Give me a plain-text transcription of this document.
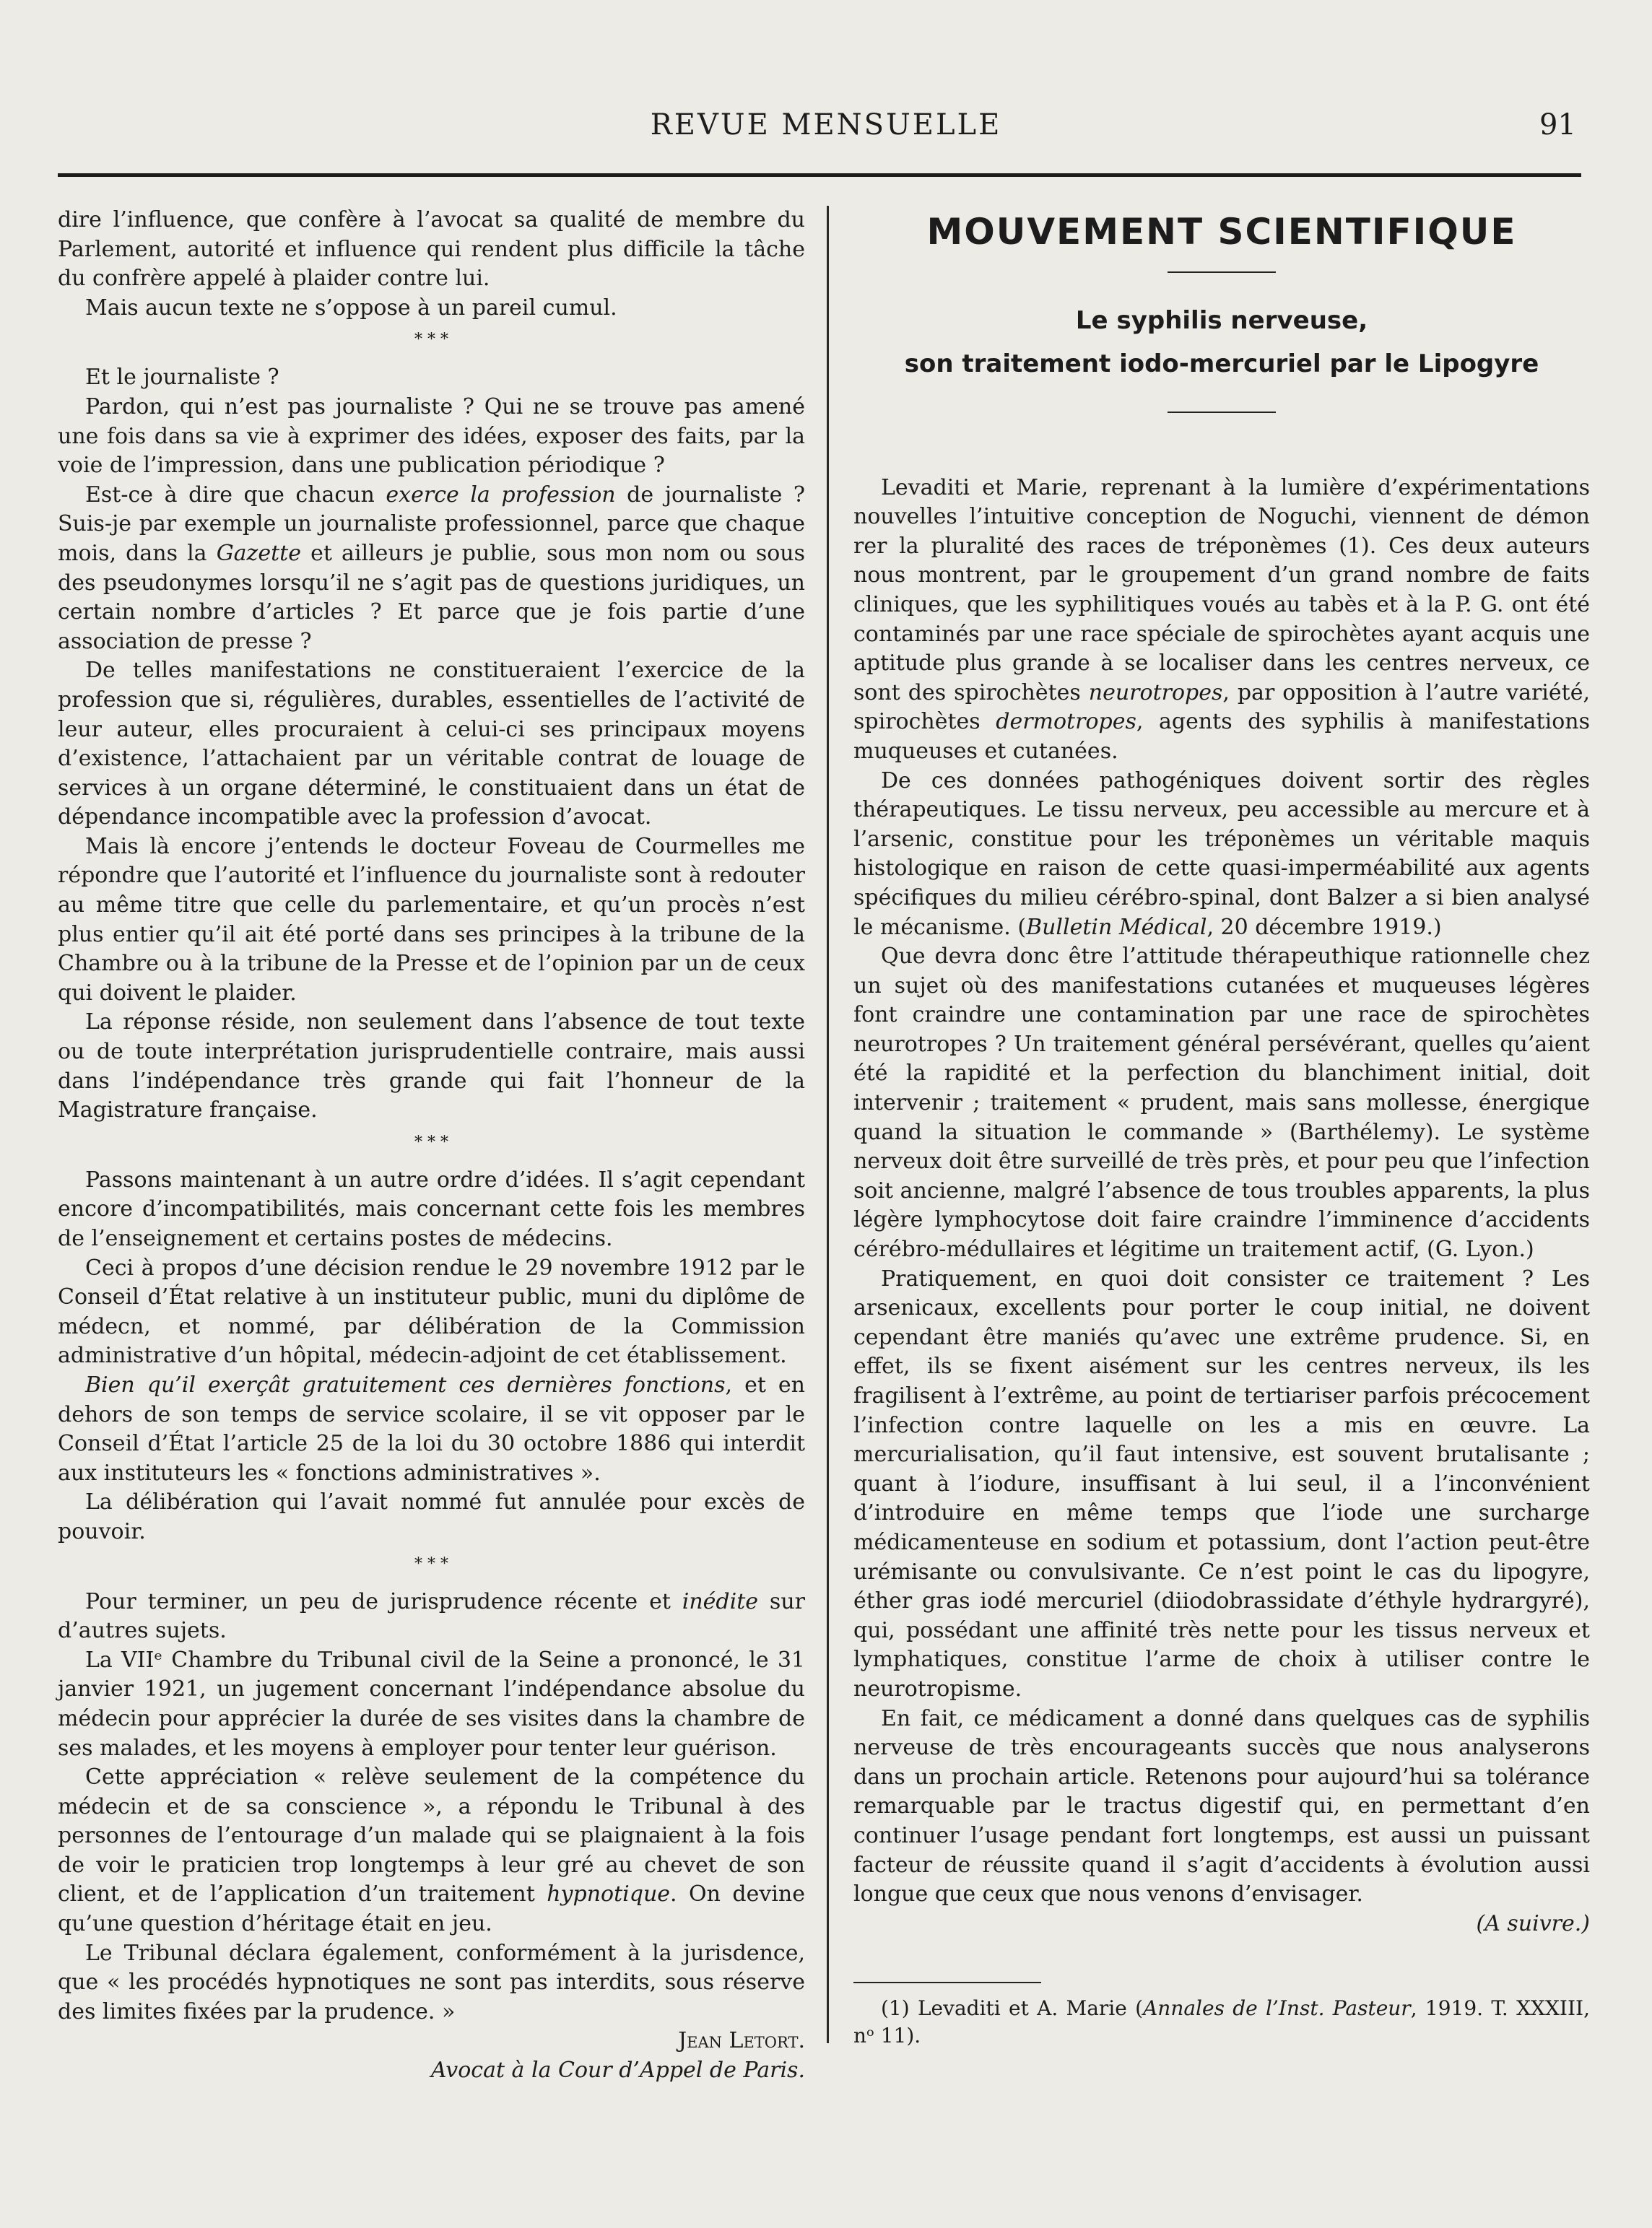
REVUE MENSUELLE	91

dire l’influence, que confère à l’avocat sa qualité de membre du Parlement, autorité et influence qui rendent plus difficile la tâche du confrère appelé à plaider contre lui.

Mais aucun texte ne s’oppose à un pareil cumul.

* * *

Et le journaliste ?

Pardon, qui n’est pas journaliste ? Qui ne se trouve pas amené une fois dans sa vie à exprimer des idées, exposer des faits, par la voie de l’impression, dans une publication périodique ?

Est-ce à dire que chacun exerce la profession de journaliste ? Suis-je par exemple un journaliste professionnel, parce que chaque mois, dans la Gazette et ailleurs je publie, sous mon nom ou sous des pseudonymes lorsqu’il ne s’agit pas de questions juridiques, un certain nombre d’articles ? Et parce que je fois partie d’une association de presse ?

De telles manifestations ne constitueraient l’exercice de la profession que si, régulières, durables, essentielles de l’activité de leur auteur, elles procuraient à celui-ci ses principaux moyens d’existence, l’attachaient par un véritable contrat de louage de services à un organe déterminé, le constituaient dans un état de dépendance incompatible avec la profession d’avocat.

Mais là encore j’entends le docteur Foveau de Courmelles me répondre que l’autorité et l’influence du journaliste sont à redouter au même titre que celle du parlementaire, et qu’un procès n’est plus entier qu’il ait été porté dans ses principes à la tribune de la Chambre ou à la tribune de la Presse et de l’opinion par un de ceux qui doivent le plaider.

La réponse réside, non seulement dans l’absence de tout texte ou de toute interprétation jurisprudentielle contraire, mais aussi dans l’indépendance très grande qui fait l’honneur de la Magistrature française.

* * *

Passons maintenant à un autre ordre d’idées. Il s’agit cependant encore d’incompatibilités, mais concernant cette fois les membres de l’enseignement et certains postes de médecins.

Ceci à propos d’une décision rendue le 29 novembre 1912 par le Conseil d’État relative à un instituteur public, muni du diplôme de médecn, et nommé, par délibération de la Commission administrative d’un hôpital, médecin-adjoint de cet établissement.

Bien qu’il exerçât gratuitement ces dernières fonctions, et en dehors de son temps de service scolaire, il se vit opposer par le Conseil d’État l’article 25 de la loi du 30 octobre 1886 qui interdit aux instituteurs les « fonctions administratives ».

La délibération qui l’avait nommé fut annulée pour excès de pouvoir.

* * *

Pour terminer, un peu de jurisprudence récente et inédite sur d’autres sujets.

La VIIᵉ Chambre du Tribunal civil de la Seine a prononcé, le 31 janvier 1921, un jugement concernant l’indépendance absolue du médecin pour apprécier la durée de ses visites dans la chambre de ses malades, et les moyens à employer pour tenter leur guérison.

Cette appréciation « relève seulement de la compétence du médecin et de sa conscience », a répondu le Tribunal à des personnes de l’entourage d’un malade qui se plaignaient à la fois de voir le praticien trop longtemps à leur gré au chevet de son client, et de l’application d’un traitement hypnotique. On devine qu’une question d’héritage était en jeu.

Le Tribunal déclara également, conformément à la jurisdence, que « les procédés hypnotiques ne sont pas interdits, sous réserve des limites fixées par la prudence. »

Jean Letort.

Avocat à la Cour d’Appel de Paris.

MOUVEMENT SCIENTIFIQUE
Le syphilis nerveuse,
son traitement iodo-mercuriel par le Lipogyre

Levaditi et Marie, reprenant à la lumière d’expérimentations nouvelles l’intuitive conception de Noguchi, viennent de démon rer la pluralité des races de tréponèmes (1). Ces deux auteurs nous montrent, par le groupement d’un grand nombre de faits cliniques, que les syphilitiques voués au tabès et à la P. G. ont été contaminés par une race spéciale de spirochètes ayant acquis une aptitude plus grande à se localiser dans les centres nerveux, ce sont des spirochètes neurotropes, par opposition à l’autre variété, spirochètes dermotropes, agents des syphilis à manifestations muqueuses et cutanées.

De ces données pathogéniques doivent sortir des règles thérapeutiques. Le tissu nerveux, peu accessible au mercure et à l’arsenic, constitue pour les tréponèmes un véritable maquis histologique en raison de cette quasi-imperméabilité aux agents spécifiques du milieu cérébro-spinal, dont Balzer a si bien analysé le mécanisme. (Bulletin Médical, 20 décembre 1919.)

Que devra donc être l’attitude thérapeuthique rationnelle chez un sujet où des manifestations cutanées et muqueuses légères font craindre une contamination par une race de spirochètes neurotropes ? Un traitement général persévérant, quelles qu’aient été la rapidité et la perfection du blanchiment initial, doit intervenir ; traitement « prudent, mais sans mollesse, énergique quand la situation le commande » (Barthélemy). Le système nerveux doit être surveillé de très près, et pour peu que l’infection soit ancienne, malgré l’absence de tous troubles apparents, la plus légère lymphocytose doit faire craindre l’imminence d’accidents cérébro-médullaires et légitime un traitement actif, (G. Lyon.)

Pratiquement, en quoi doit consister ce traitement ? Les arsenicaux, excellents pour porter le coup initial, ne doivent cependant être maniés qu’avec une extrême prudence. Si, en effet, ils se fixent aisément sur les centres nerveux, ils les fragilisent à l’extrême, au point de tertiariser parfois précocement l’infection contre laquelle on les a mis en œuvre. La mercurialisation, qu’il faut intensive, est souvent brutalisante ; quant à l’iodure, insuffisant à lui seul, il a l’inconvénient d’introduire en même temps que l’iode une surcharge médicamenteuse en sodium et potassium, dont l’action peut-être urémisante ou convulsivante. Ce n’est point le cas du lipogyre, éther gras iodé mercuriel (diiodobrassidate d’éthyle hydrargyré), qui, possédant une affinité très nette pour les tissus nerveux et lymphatiques, constitue l’arme de choix à utiliser contre le neurotropisme.

En fait, ce médicament a donné dans quelques cas de syphilis nerveuse de très encourageants succès que nous analyserons dans un prochain article. Retenons pour aujourd’hui sa tolérance remarquable par le tractus digestif qui, en permettant d’en continuer l’usage pendant fort longtemps, est aussi un puissant facteur de réussite quand il s’agit d’accidents à évolution aussi longue que ceux que nous venons d’envisager.

(A suivre.)

(1) Levaditi et A. Marie (Annales de l’Inst. Pasteur, 1919. T. XXXIII, nᵒ 11).
